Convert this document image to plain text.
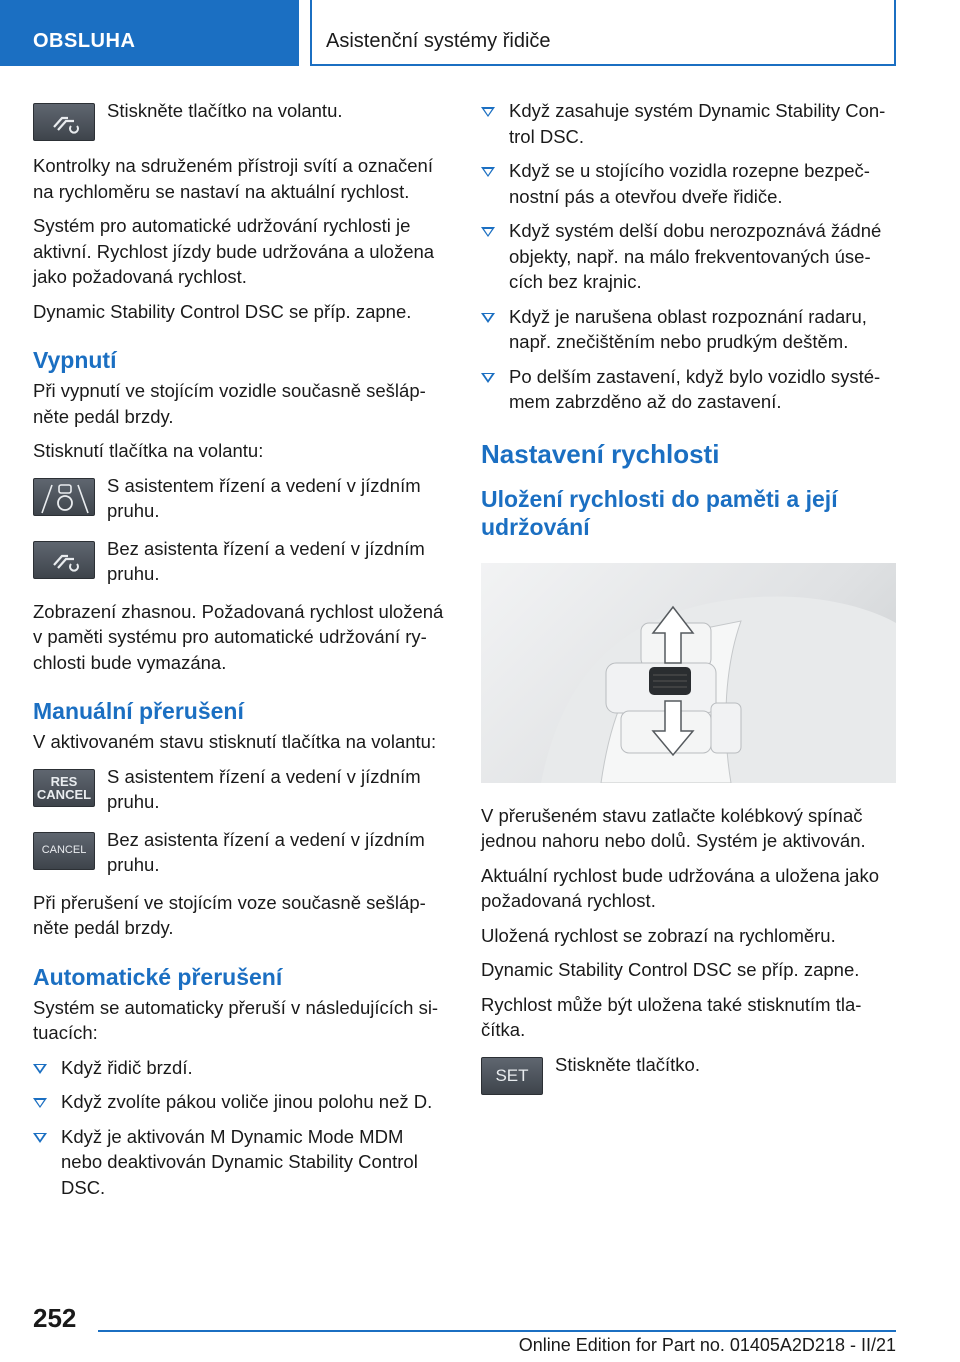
OBSLUHA	Asistenční systémy řidiče
Stiskněte tlačítko na volantu.

Kontrolky na sdruženém přístroji svítí a označení na rychloměru se nastaví na aktuální rychlost.

Systém pro automatické udržování rychlosti je aktivní. Rychlost jízdy bude udržována a uložena jako požadovaná rychlost.

Dynamic Stability Control DSC se příp. zapne.

Vypnutí

Při vypnutí ve stojícím vozidle současně sešláp-něte pedál brzdy.

Stisknutí tlačítka na volantu:

S asistentem řízení a vedení v jízdním pruhu.
Bez asistenta řízení a vedení v jízdním pruhu.

Zobrazení zhasnou. Požadovaná rychlost uložená v paměti systému pro automatické udržování ry-chlosti bude vymazána.

Manuální přerušení

V aktivovaném stavu stisknutí tlačítka na volantu:

RES
CANCEL
S asistentem řízení a vedení v jízdním pruhu.
CANCEL
Bez asistenta řízení a vedení v jízdním pruhu.

Při přerušení ve stojícím voze současně sešláp-něte pedál brzdy.

Automatické přerušení

Systém se automaticky přeruší v následujících si-tuacích:

Když řidič brzdí.
Když zvolíte pákou voliče jinou polohu než D.
Když je aktivován M Dynamic Mode MDM nebo deaktivován Dynamic Stability Control DSC.
Když zasahuje systém Dynamic Stability Con-trol DSC.
Když se u stojícího vozidla rozepne bezpeč-nostní pás a otevřou dveře řidiče.
Když systém delší dobu nerozpoznává žádné objekty, např. na málo frekventovaných úse-cích bez krajnic.
Když je narušena oblast rozpoznání radaru, např. znečištěním nebo prudkým deštěm.
Po delším zastavení, když bylo vozidlo systé-mem zabrzděno až do zastavení.
Nastavení rychlosti
Uložení rychlosti do paměti a její udržování

V přerušeném stavu zatlačte kolébkový spínač jednou nahoru nebo dolů. Systém je aktivován.

Aktuální rychlost bude udržována a uložena jako požadovaná rychlost.

Uložená rychlost se zobrazí na rychloměru.

Dynamic Stability Control DSC se příp. zapne.

Rychlost může být uložena také stisknutím tla-čítka.

SET
Stiskněte tlačítko.
252
Online Edition for Part no. 01405A2D218 - II/21
